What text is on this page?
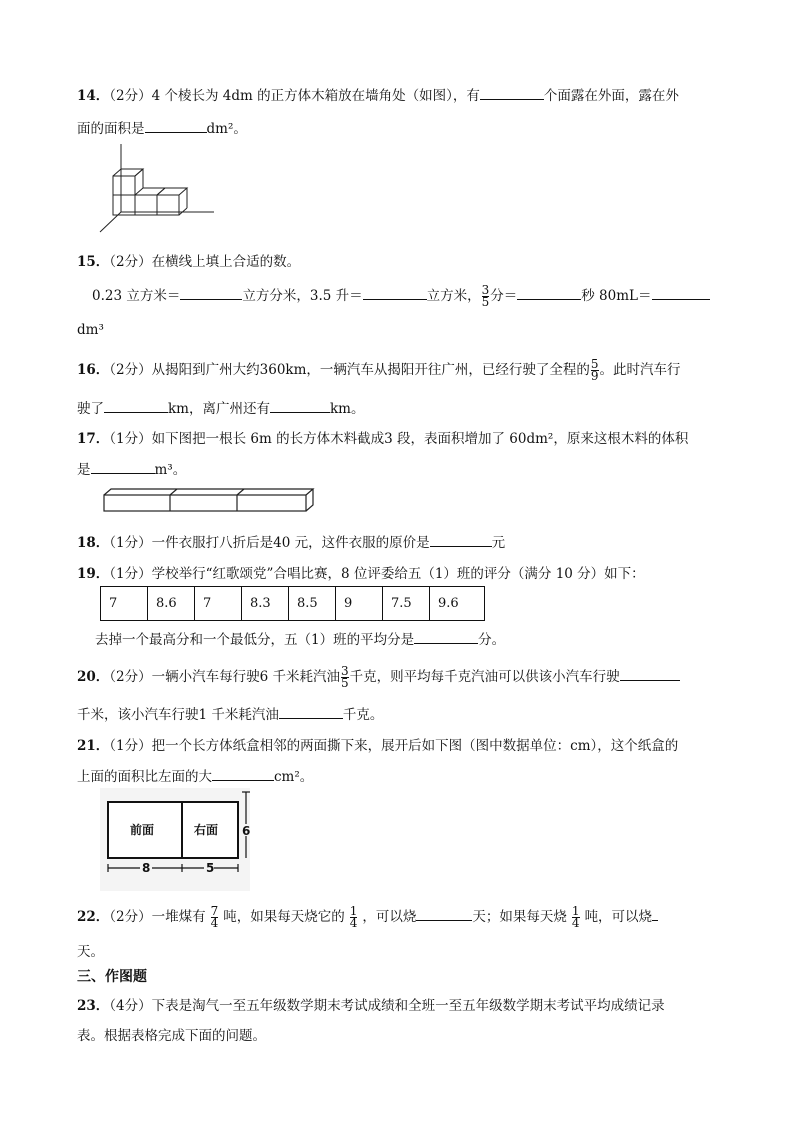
14．（2分）4 个棱长为 4dm 的正方体木箱放在墙角处（如图），有	个面露在外面，露在外
面的面积是	dm²。
15．（2分）在横线上填上合适的数。
0.23 立方米＝	立方分米，3.5 升＝	立方米， $\frac{3}{5}$ 分＝	秒 80mL＝
dm³
16．（2分）从揭阳到广州大约360km，一辆汽车从揭阳开往广州，已经行驶了全程的 $\frac{5}{9}$ 。此时汽车行
驶了	km，离广州还有	km。
17．（1分）如下图把一根长 6m 的长方体木料截成3 段，表面积增加了 60dm²，原来这根木料的体积
是	m³。
18．（1分）一件衣服打八折后是40 元，这件衣服的原价是	元
19．（1分）学校举行“红歌颂党”合唱比赛，8 位评委给五（1）班的评分（满分 10 分）如下：
7	8.6	7	8.3	8.5	9	7.5	9.6
去掉一个最高分和一个最低分，五（1）班的平均分是	分。
20．（2分）一辆小汽车每行驶6 千米耗汽油 $\frac{3}{5}$ 千克，则平均每千克汽油可以供该小汽车行驶
千米，该小汽车行驶1 千米耗汽油	千克。
21．（1分）把一个长方体纸盒相邻的两面撕下来，展开后如下图（图中数据单位：cm），这个纸盒的
上面的面积比左面的大	cm²。
前面	右面
8	5
6
22．（2分）一堆煤有 $\frac{7}{4}$ 吨，如果每天烧它的 $\frac{1}{4}$ ，可以烧	天；如果每天烧 $\frac{1}{4}$ 吨，可以烧
天。
三、作图题
23．（4分）下表是淘气一至五年级数学期末考试成绩和全班一至五年级数学期末考试平均成绩记录
表。根据表格完成下面的问题。
